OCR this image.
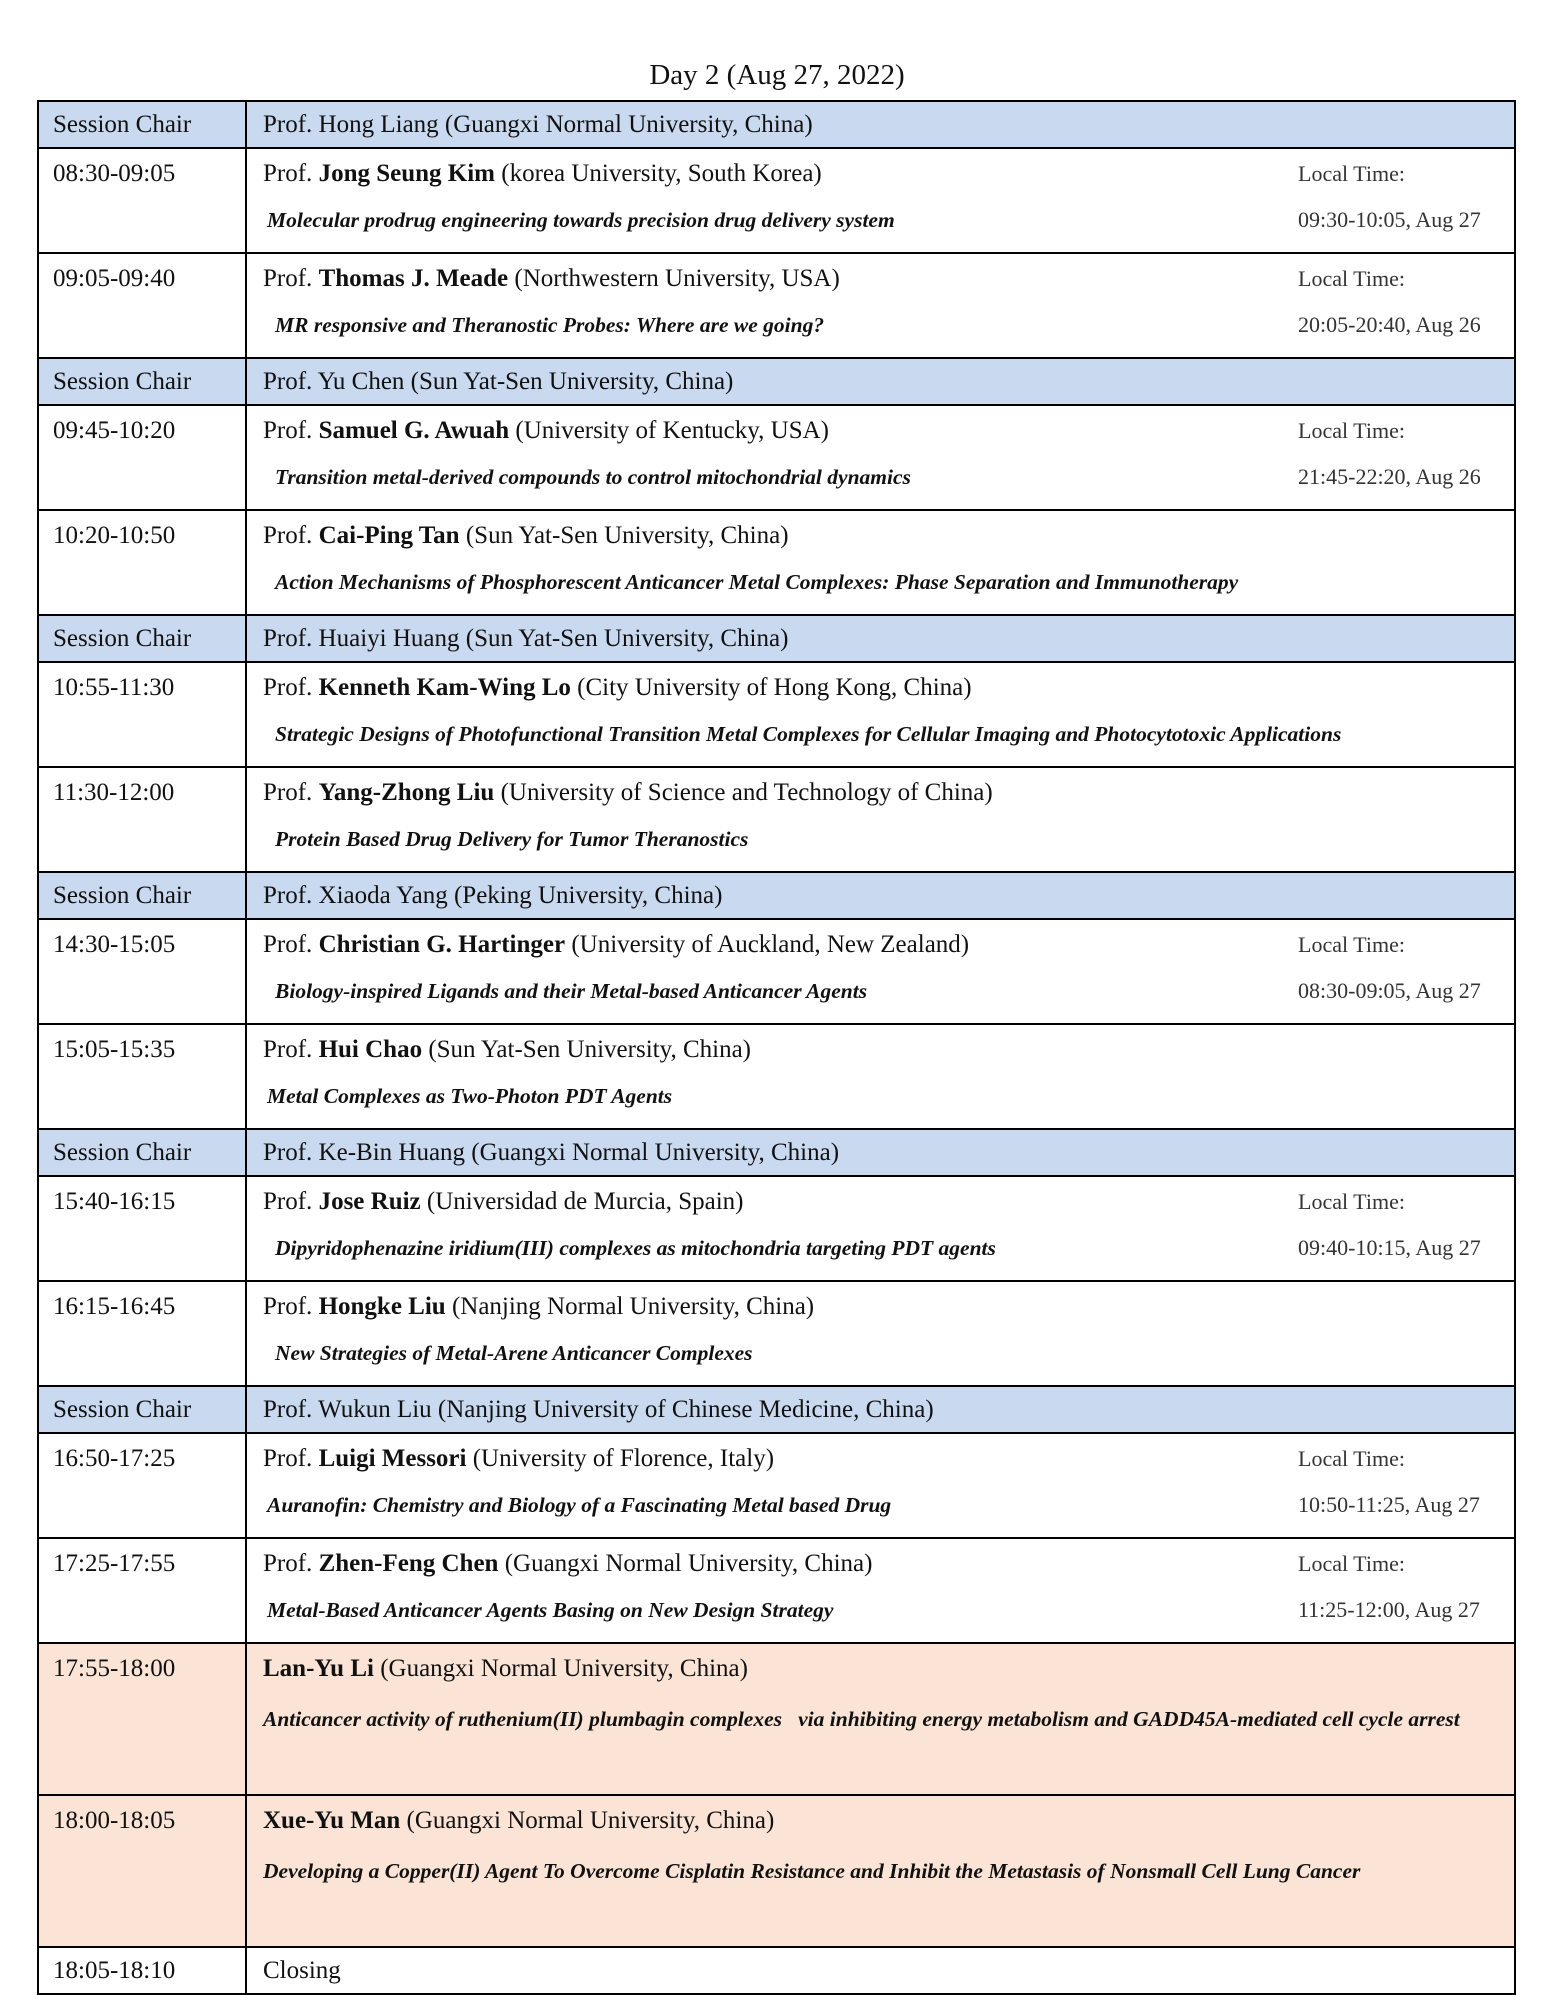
Day 2 (Aug 27, 2022)
Session Chair	Prof. Hong Liang (Guangxi Normal University, China)
08:30-09:05	Prof. Jong Seung Kim (korea University, South Korea)
Molecular prodrug engineering towards precision drug delivery system
Local Time:
09:30-10:05, Aug 27

09:05-09:40	Prof. Thomas J. Meade (Northwestern University, USA)
MR responsive and Theranostic Probes: Where are we going?
Local Time:
20:05-20:40, Aug 26

Session Chair	Prof. Yu Chen (Sun Yat-Sen University, China)
09:45-10:20	Prof. Samuel G. Awuah (University of Kentucky, USA)
Transition metal-derived compounds to control mitochondrial dynamics
Local Time:
21:45-22:20, Aug 26

10:20-10:50	Prof. Cai-Ping Tan (Sun Yat-Sen University, China)
Action Mechanisms of Phosphorescent Anticancer Metal Complexes: Phase Separation and Immunotherapy

Session Chair	Prof. Huaiyi Huang (Sun Yat-Sen University, China)
10:55-11:30	Prof. Kenneth Kam-Wing Lo (City University of Hong Kong, China)
Strategic Designs of Photofunctional Transition Metal Complexes for Cellular Imaging and Photocytotoxic Applications

11:30-12:00	Prof. Yang-Zhong Liu (University of Science and Technology of China)
Protein Based Drug Delivery for Tumor Theranostics

Session Chair	Prof. Xiaoda Yang (Peking University, China)
14:30-15:05	Prof. Christian G. Hartinger (University of Auckland, New Zealand)
Biology-inspired Ligands and their Metal-based Anticancer Agents
Local Time:
08:30-09:05, Aug 27

15:05-15:35	Prof. Hui Chao (Sun Yat-Sen University, China)
Metal Complexes as Two-Photon PDT Agents

Session Chair	Prof. Ke-Bin Huang (Guangxi Normal University, China)
15:40-16:15	Prof. Jose Ruiz (Universidad de Murcia, Spain)
Dipyridophenazine iridium(III) complexes as mitochondria targeting PDT agents
Local Time:
09:40-10:15, Aug 27

16:15-16:45	Prof. Hongke Liu (Nanjing Normal University, China)
New Strategies of Metal-Arene Anticancer Complexes

Session Chair	Prof. Wukun Liu (Nanjing University of Chinese Medicine, China)
16:50-17:25	Prof. Luigi Messori (University of Florence, Italy)
Auranofin: Chemistry and Biology of a Fascinating Metal based Drug
Local Time:
10:50-11:25, Aug 27

17:25-17:55	Prof. Zhen-Feng Chen (Guangxi Normal University, China)
Metal-Based Anticancer Agents Basing on New Design Strategy
Local Time:
11:25-12:00, Aug 27

17:55-18:00	Lan-Yu Li (Guangxi Normal University, China)
Anticancer activity of ruthenium(II) plumbagin complexes   via inhibiting energy metabolism and GADD45A-mediated cell cycle arrest

18:00-18:05	Xue-Yu Man (Guangxi Normal University, China)
Developing a Copper(II) Agent To Overcome Cisplatin Resistance and Inhibit the Metastasis of Nonsmall Cell Lung Cancer

18:05-18:10	Closing
